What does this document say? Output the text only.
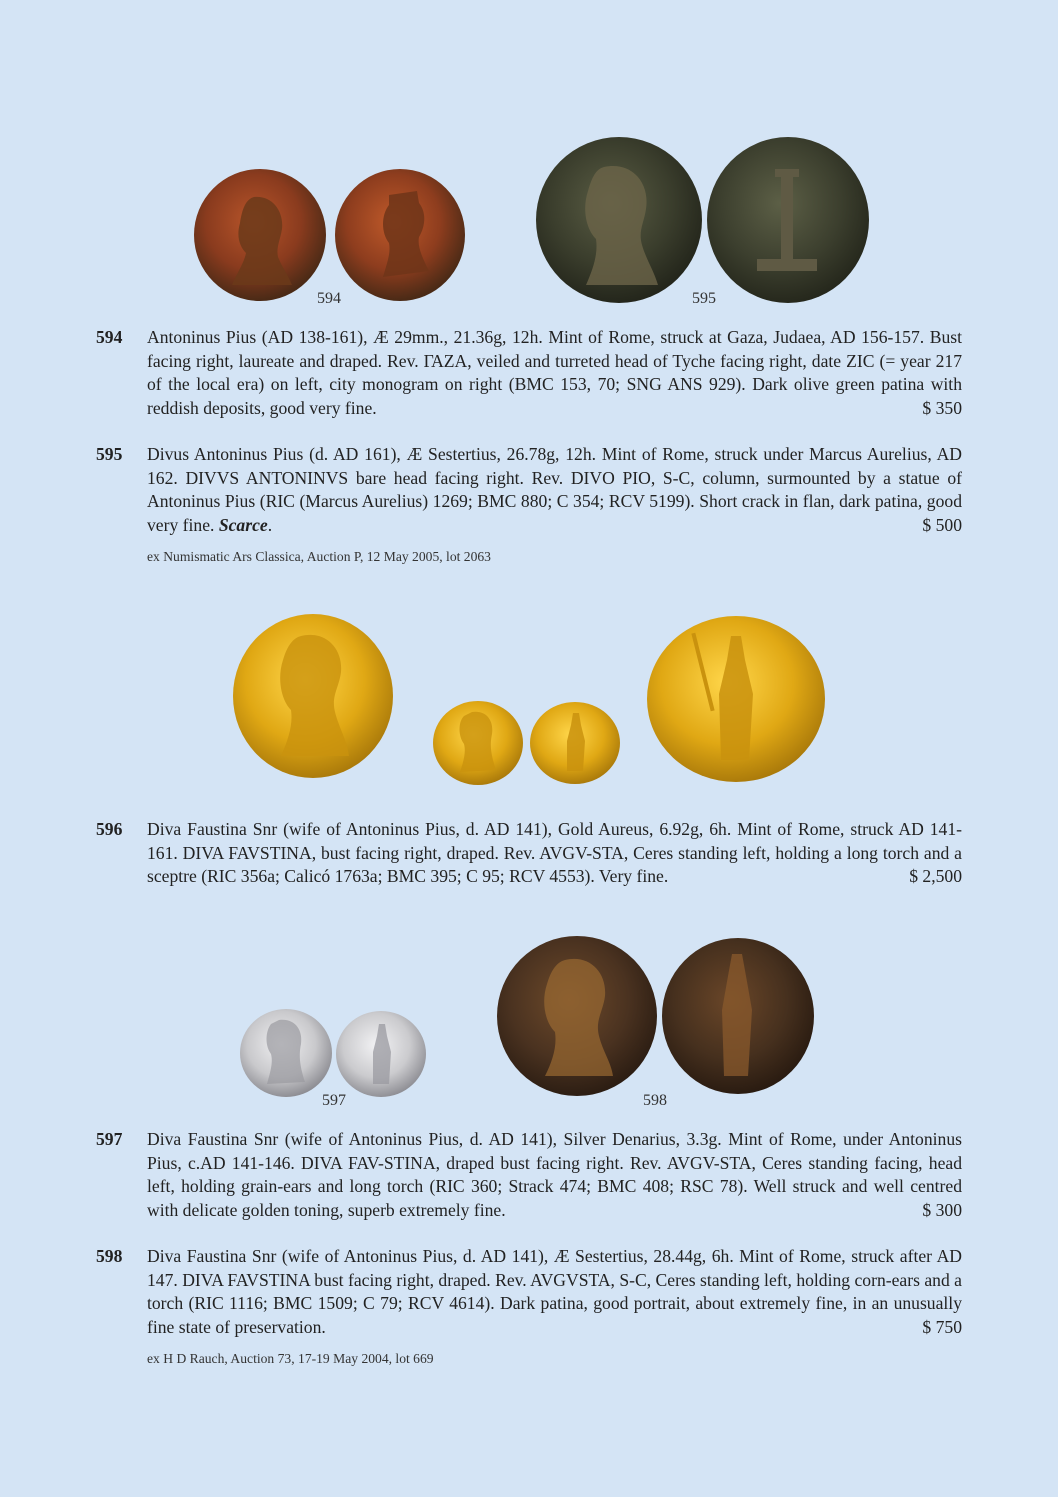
594	595
594	Antoninus Pius (AD 138-161), Æ 29mm., 21.36g, 12h. Mint of Rome, struck at Gaza, Judaea, AD 156-157. Bust facing right, laureate and draped. Rev. ΓΑΖΑ, veiled and turreted head of Tyche facing right, date ZIC (= year 217 of the local era) on left, city monogram on right (BMC 153, 70; SNG ANS 929). Dark olive green patina with reddish deposits, good very fine.	$ 350
595	Divus Antoninus Pius (d. AD 161), Æ Sestertius, 26.78g, 12h. Mint of Rome, struck under Marcus Aurelius, AD 162. DIVVS ANTONINVS bare head facing right. Rev. DIVO PIO, S-C, column, surmounted by a statue of Antoninus Pius (RIC (Marcus Aurelius) 1269; BMC 880; C 354; RCV 5199). Short crack in flan, dark patina, good very fine. Scarce.	$ 500
ex Numismatic Ars Classica, Auction P, 12 May 2005, lot 2063
596	Diva Faustina Snr (wife of Antoninus Pius, d. AD 141), Gold Aureus, 6.92g, 6h. Mint of Rome, struck AD 141-161. DIVA FAVSTINA, bust facing right, draped. Rev. AVGV-STA, Ceres standing left, holding a long torch and a sceptre (RIC 356a; Calicó 1763a; BMC 395; C 95; RCV 4553). Very fine.	$ 2,500
597	598
597	Diva Faustina Snr (wife of Antoninus Pius, d. AD 141), Silver Denarius, 3.3g. Mint of Rome, under Antoninus Pius, c.AD 141-146. DIVA FAV-STINA, draped bust facing right. Rev. AVGV-STA, Ceres standing facing, head left, holding grain-ears and long torch (RIC 360; Strack 474; BMC 408; RSC 78). Well struck and well centred with delicate golden toning, superb extremely fine.	$ 300
598	Diva Faustina Snr (wife of Antoninus Pius, d. AD 141), Æ Sestertius, 28.44g, 6h. Mint of Rome, struck after AD 147. DIVA FAVSTINA bust facing right, draped. Rev. AVGVSTA, S-C, Ceres standing left, holding corn-ears and a torch (RIC 1116; BMC 1509; C 79; RCV 4614). Dark patina, good portrait, about extremely fine, in an unusually fine state of preservation.	$ 750
ex H D Rauch, Auction 73, 17-19 May 2004, lot 669
